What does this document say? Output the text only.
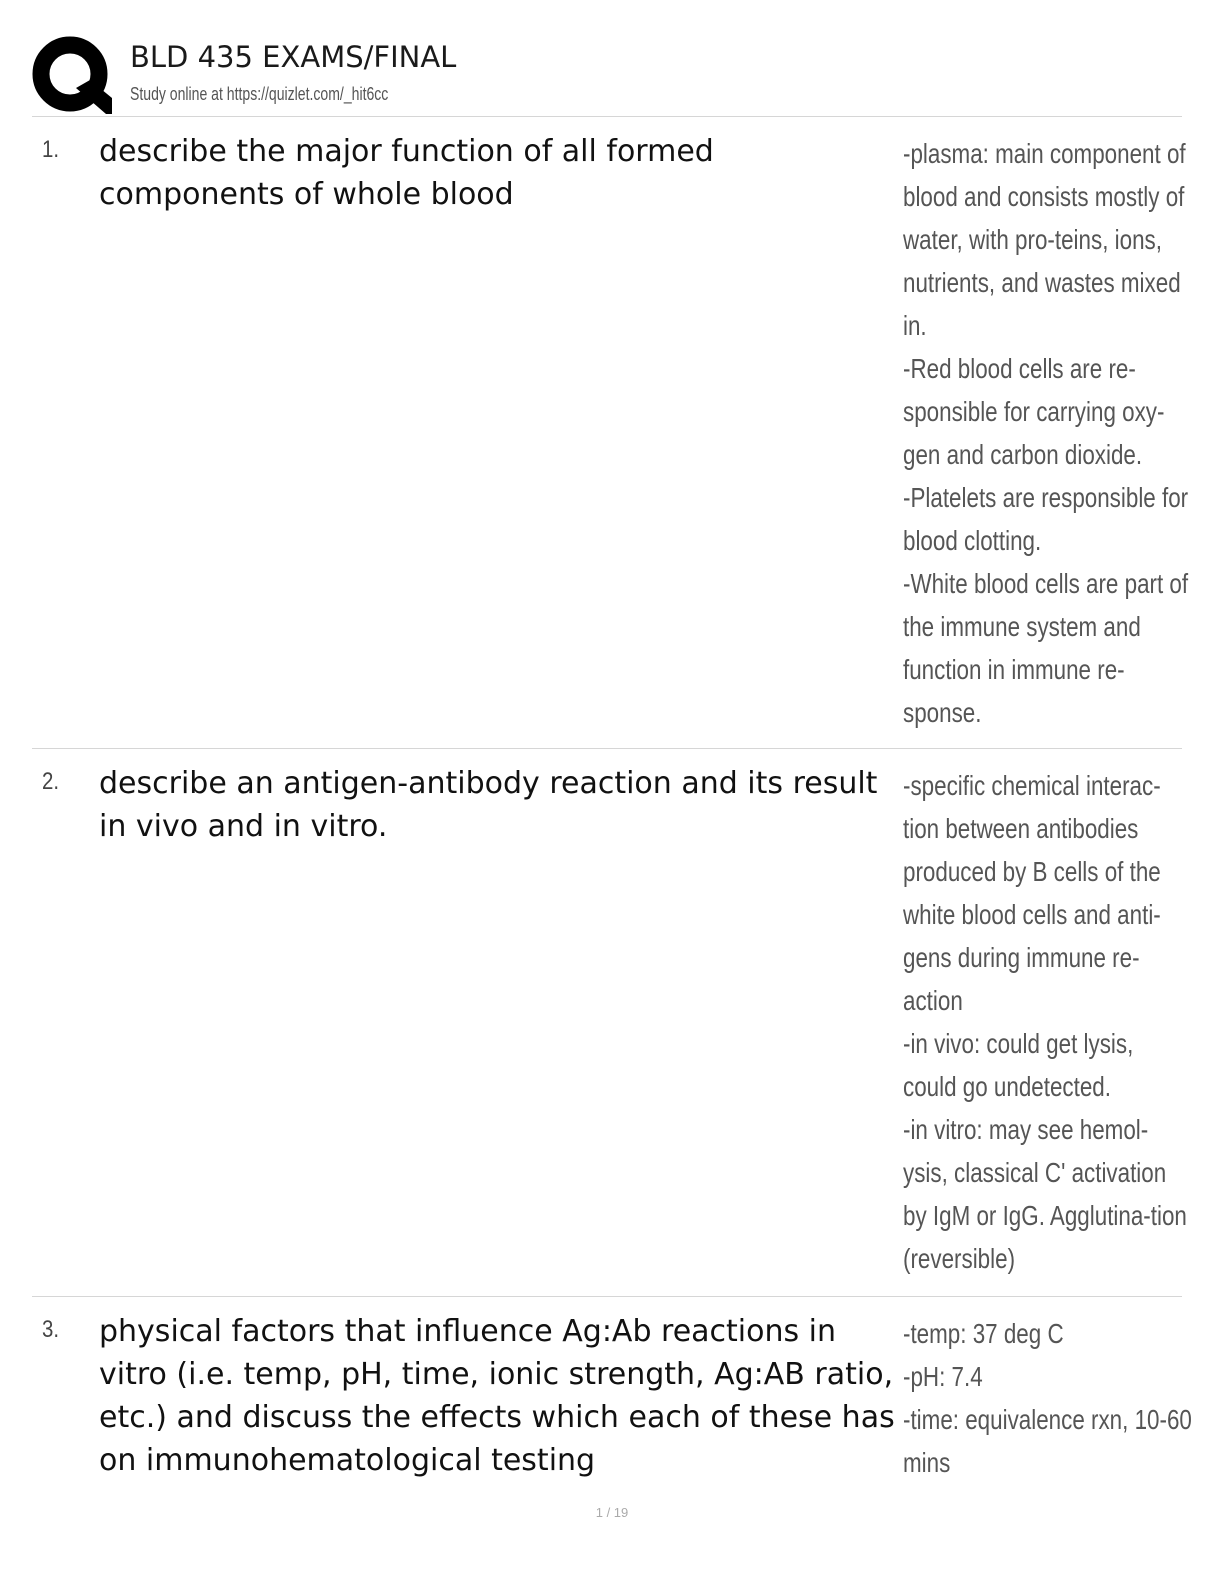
BLD 435 EXAMS/FINAL
Study online at https://quizlet.com/_hit6cc
1. describe the major function of all formed components of whole blood

-plasma: main component of blood and consists mostly of water, with pro-teins, ions, nutrients, and wastes mixed in.
-Red blood cells are re-sponsible for carrying oxy-gen and carbon dioxide.
-Platelets are responsible for blood clotting.
-White blood cells are part of the immune system and function in immune re-sponse.

2. describe an antigen-antibody reaction and its result in vivo and in vitro.

-specific chemical interac-tion between antibodies produced by B cells of the white blood cells and anti-gens during immune re-action
-in vivo: could get lysis, could go undetected.
-in vitro: may see hemol-ysis, classical C' activation by IgM or IgG. Agglutina-tion (reversible)

3. physical factors that influence Ag:Ab reactions in vitro (i.e. temp, pH, time, ionic strength, Ag:AB ratio, etc.) and discuss the effects which each of these has on immunohematological testing

-temp: 37 deg C
-pH: 7.4
-time: equivalence rxn, 10-60 mins

1 / 19
